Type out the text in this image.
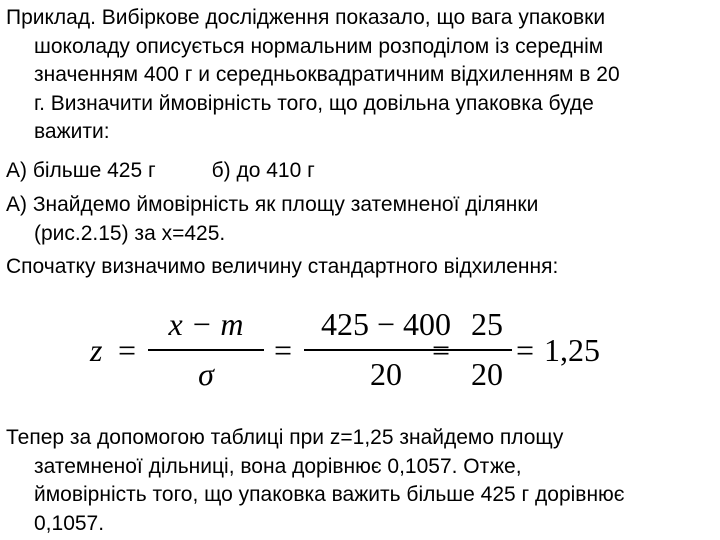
Приклад. Вибіркове дослідження показало, що вага упаковки
шоколаду описується нормальним розподілом із середнім
значенням 400 г и середньоквадратичним відхиленням в 20
г. Визначити ймовірність того, що довільна упаковка буде
важити:
А) більше 425 г	б) до 410 г
А) Знайдемо ймовірність як площу затемненої ділянки
(рис.2.15) за x=425.
Спочатку визначимо величину стандартного відхилення:
z =
x − m
σ
=
425 − 400
20
=
25
20
= 1,25
Тепер за допомогою таблиці при z=1,25 знайдемо площу
затемненої дільниці, вона дорівнює 0,1057. Отже,
ймовірність того, що упаковка важить більше 425 г дорівнює
0,1057.
